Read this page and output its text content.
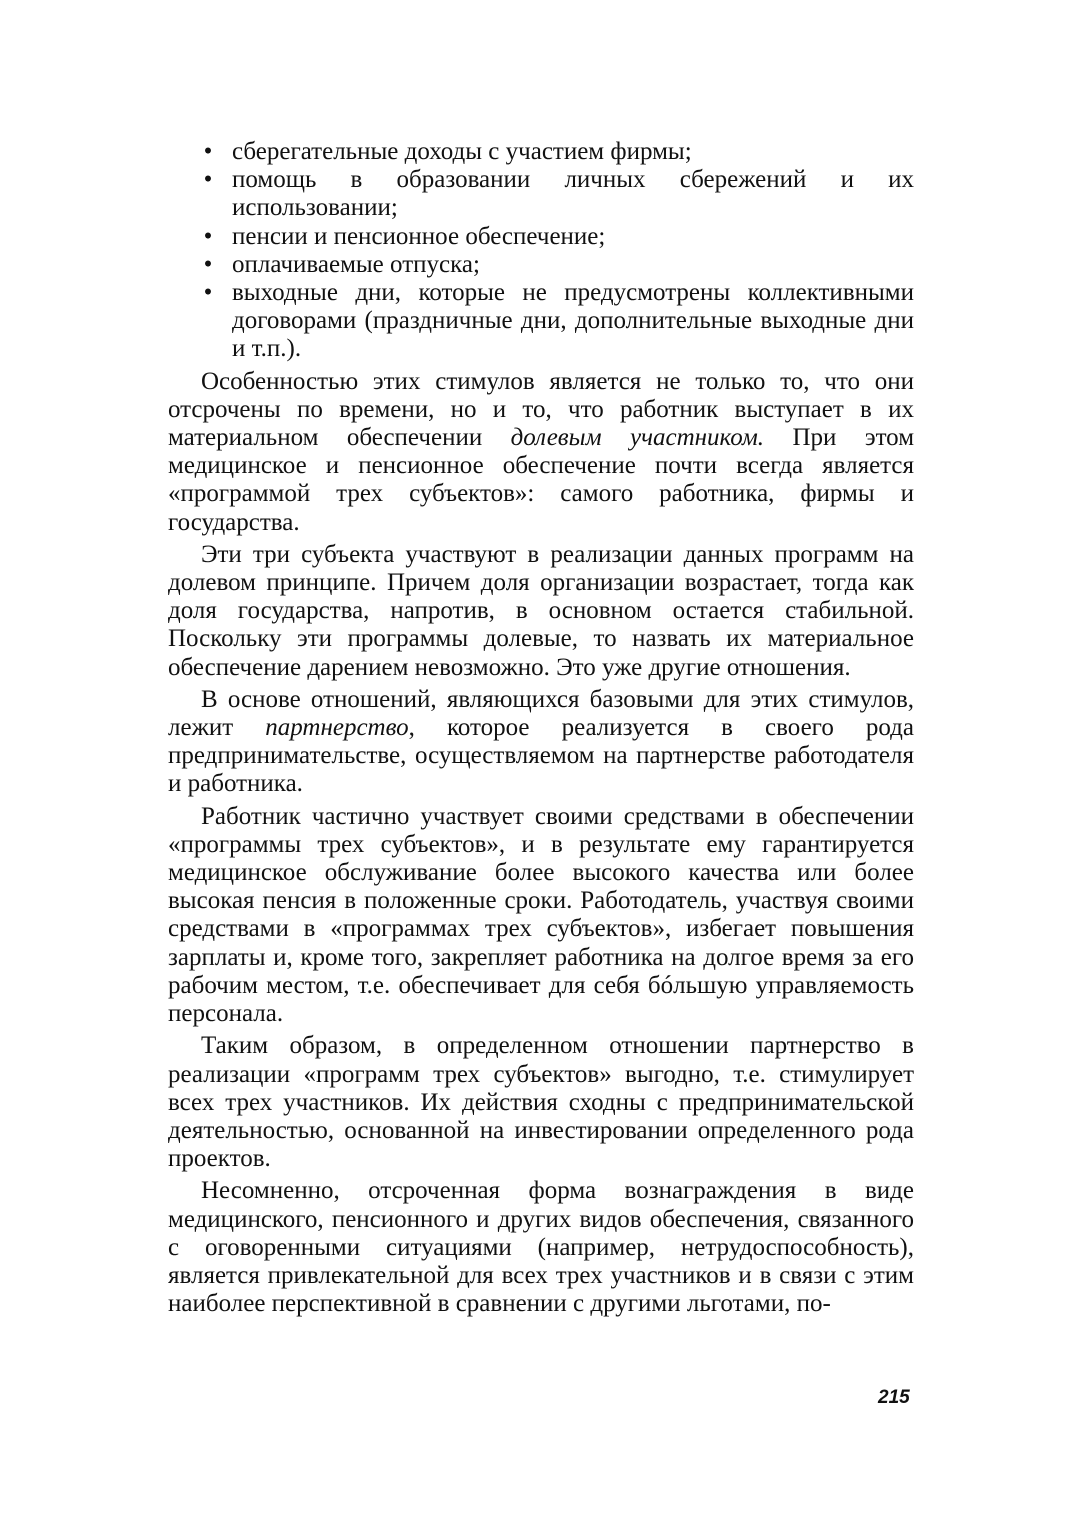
• сберегательные доходы с участием фирмы;
• помощь в образовании личных сбережений и их использовании;
• пенсии и пенсионное обеспечение;
• оплачиваемые отпуска;
• выходные дни, которые не предусмотрены коллективными договорами (праздничные дни, дополнительные выходные дни и т.п.).

Особенностью этих стимулов является не только то, что они отсрочены по времени, но и то, что работник выступает в их материальном обеспечении долевым участником. При этом медицинское и пенсионное обеспечение почти всегда является «программой трех субъектов»: самого работника, фирмы и государства.

Эти три субъекта участвуют в реализации данных программ на долевом принципе. Причем доля организации возрастает, тогда как доля государства, напротив, в основном остается стабильной. Поскольку эти программы долевые, то назвать их материальное обеспечение дарением невозможно. Это уже другие отношения.

В основе отношений, являющихся базовыми для этих стимулов, лежит партнерство, которое реализуется в своего рода предпринимательстве, осуществляемом на партнерстве работодателя и работника.

Работник частично участвует своими средствами в обеспечении «программы трех субъектов», и в результате ему гарантируется медицинское обслуживание более высокого качества или более высокая пенсия в положенные сроки. Работодатель, участвуя своими средствами в «программах трех субъектов», избегает повышения зарплаты и, кроме того, закрепляет работника на долгое время за его рабочим местом, т.е. обеспечивает для себя бóльшую управляемость персонала.

Таким образом, в определенном отношении партнерство в реализации «программ трех субъектов» выгодно, т.е. стимулирует всех трех участников. Их действия сходны с предпринимательской деятельностью, основанной на инвестировании определенного рода проектов.

Несомненно, отсроченная форма вознаграждения в виде медицинского, пенсионного и других видов обеспечения, связанного с оговоренными ситуациями (например, нетрудоспособность), является привлекательной для всех трех участников и в связи с этим наиболее перспективной в сравнении с другими льготами, по-

215
